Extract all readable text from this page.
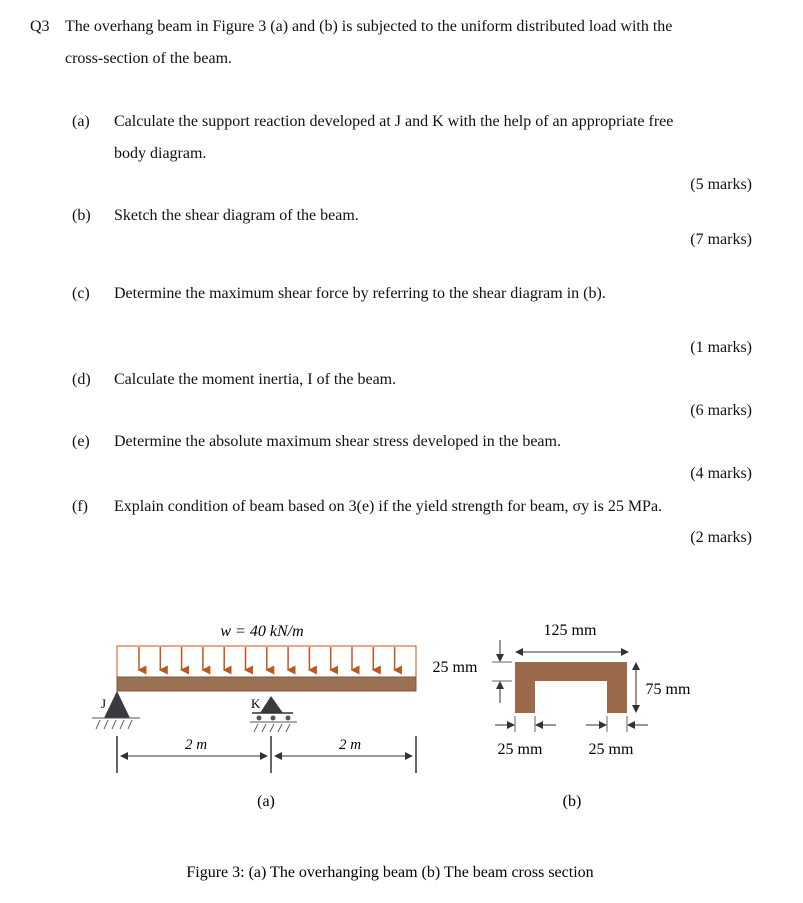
Q3 The overhang beam in Figure 3 (a) and (b) is subjected to the uniform distributed load with the
cross-section of the beam.
(a) Calculate the support reaction developed at J and K with the help of an appropriate free
body diagram.
(5 marks)
(b) Sketch the shear diagram of the beam.
(7 marks)
(c) Determine the maximum shear force by referring to the shear diagram in (b).
(1 marks)
(d) Calculate the moment inertia, I of the beam.
(6 marks)
(e) Determine the absolute maximum shear stress developed in the beam.
(4 marks)
(f) Explain condition of beam based on 3(e) if the yield strength for beam, σy is 25 MPa.
(2 marks)
w = 40 kN/m
J	K
2 m	2 m
(a)
125 mm
25 mm
75 mm
25 mm	25 mm
(b)
Figure 3: (a) The overhanging beam (b) The beam cross section
